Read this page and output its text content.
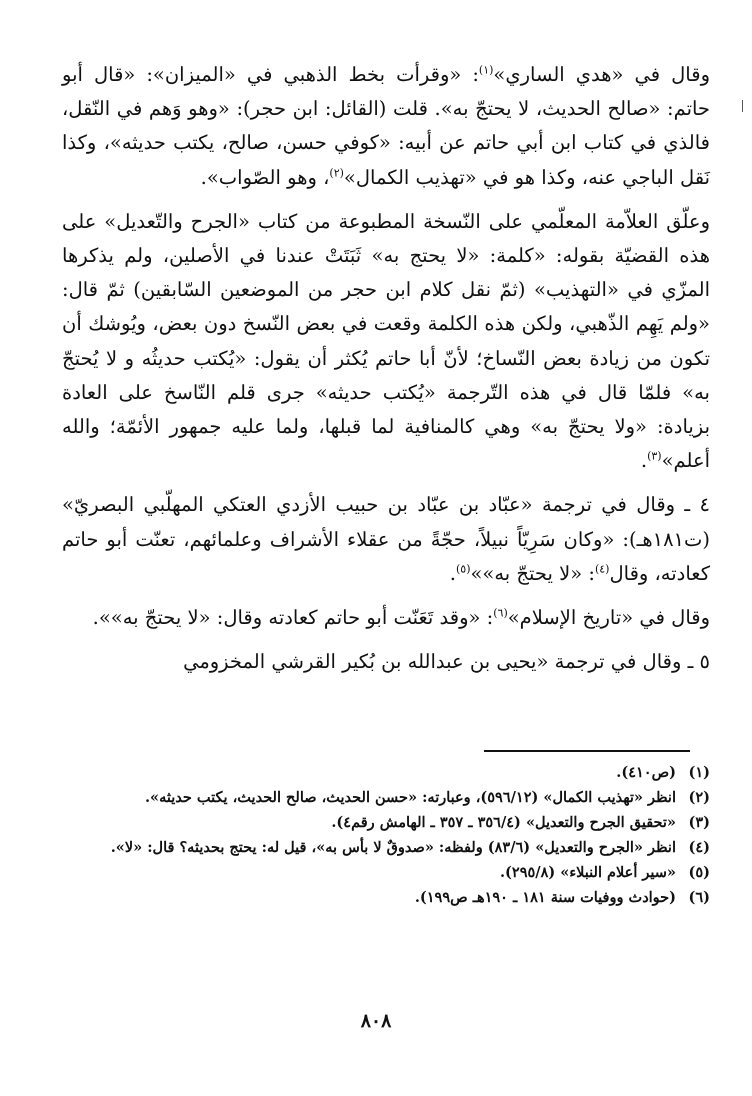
وقال في «هدي الساري»$^{(١)}$: «وقرأت بخط الذهبي في «الميزان»: «قال أبو حاتم: «صالح الحديث، لا يحتجّ به». قلت (القائل: ابن حجر): «وهو وَهم في النّقل، فالذي في كتاب ابن أبي حاتم عن أبيه: «كوفي حسن، صالح، يكتب حديثه»، وكذا نَقل الباجي عنه، وكذا هو في «تهذيب الكمال»$^{(٢)}$، وهو الصّواب».

وعلّق العلاّمة المعلّمي على النّسخة المطبوعة من كتاب «الجرح والتّعديل» على هذه القضيّة بقوله: «كلمة: «لا يحتج به» ثَبَتَتْ عندنا في الأصلين، ولم يذكرها المزّي في «التهذيب» (ثمّ نقل كلام ابن حجر من الموضعين السّابقين) ثمّ قال: «ولم يَهِم الذّهبي، ولكن هذه الكلمة وقعت في بعض النّسخ دون بعض، ويُوشك أن تكون من زيادة بعض النّساخ؛ لأنّ أبا حاتم يُكثر أن يقول: «يُكتب حديثُه و لا يُحتجّ به» فلمّا قال في هذه التّرجمة «يُكتب حديثه» جرى قلم النّاسخ على العادة بزيادة: «ولا يحتجّ به» وهي كالمنافية لما قبلها، ولما عليه جمهور الأئمّة؛ والله أعلم»$^{(٣)}$.

٤ ـ وقال في ترجمة «عبّاد بن عبّاد بن حبيب الأزدي العتكي المهلّبي البصريّ» (ت١٨١هـ): «وكان سَرِيّاً نبيلاً، حجّةً من عقلاء الأشراف وعلمائهم، تعنّت أبو حاتم كعادته، وقال$^{(٤)}$: «لا يحتجّ به»»$^{(٥)}$.

وقال في «تاريخ الإسلام»$^{(٦)}$: «وقد تَعَنّت أبو حاتم كعادته وقال: «لا يحتجّ به»».

٥ ـ وقال في ترجمة «يحيى بن عبدالله بن بُكير القرشي المخزومي

(١)
(ص٤١٠).
(٢)
انظر «تهذيب الكمال» (٥٩٦/١٢)، وعبارته: «حسن الحديث، صالح الحديث، يكتب حديثه».
(٣)
«تحقيق الجرح والتعديل» (٣٥٦/٤ ـ ٣٥٧ ـ الهامش رقم٤).
(٤)
انظر «الجرح والتعديل» (٨٣/٦) ولفظه: «صدوقٌ لا بأس به»، قيل له: يحتج بحديثه؟ قال: «لا».
(٥)
«سير أعلام النبلاء» (٢٩٥/٨).
(٦)
(حوادث ووفيات سنة ١٨١ ـ ١٩٠هـ ص١٩٩).
٨٠٨
